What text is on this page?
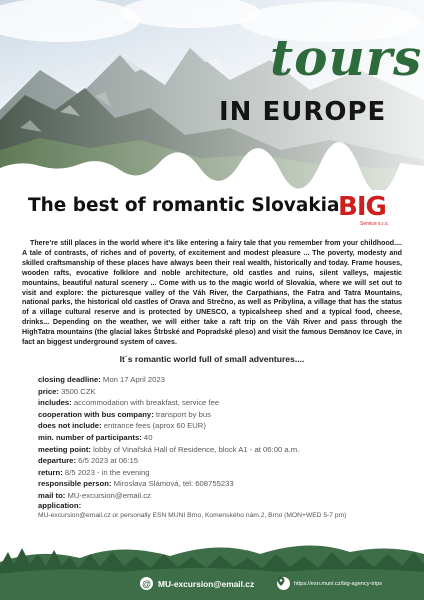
tours
IN EUROPE
The best of romantic Slovakia
BIG
Service s.r.o.

There’re still places in the world where it’s like entering a fairy tale that you remember from your childhood.... A tale of contrasts, of riches and of poverty, of excitement and modest pleasure ... The poverty, modesty and skilled craftsmanship of these places have always been their real wealth, historically and today. Frame houses, wooden rafts, evocative folklore and noble architecture, old castles and ruins, silent valleys, majestic mountains, beautiful natural scenery ... Come with us to the magic world of Slovakia, where we will set out to visit and explore: the picturesque valley of the Váh River, the Carpathians, the Fatra and Tatra Mountains, national parks, the historical old castles of Orava and Strečno, as well as Pribylina, a village that has the status of a village cultural reserve and is protected by UNESCO, a typicalsheep shed and a typical food, cheese, drinks... Depending on the weather, we will either take a raft trip on the Váh River and pass through the HighTatra mountains (the glacial lakes Štrbské and Popradské pleso) and visit the famous Demänov Ice Cave, in fact an biggest underground system of caves.

It´s romantic world full of small adventures....
closing deadline: Mon 17 April 2023
price: 3500 CZK
includes: accommodation with breakfast, service fee
cooperation with bus company: transport by bus
does not include: entrance fees (aprox 60 EUR)
min. number of participants: 40
meeting point: lobby of Vinařská Hall of Residence, block A1 - at 06:00 a.m.
departure: 6/5 2023 at 06:15
return: 8/5 2023 - in the evening
responsible person: Miroslava Slámová, tel: 608755233
mail to: MU-excursion@email.cz
application:
MU-excursion@email.cz or personally ESN MUNI Brno, Komenského nám.2, Brno (MON+WED 5-7 pm)
@ MU-excursion@email.cz	https://esn.muni.cz/big-agency-trips
